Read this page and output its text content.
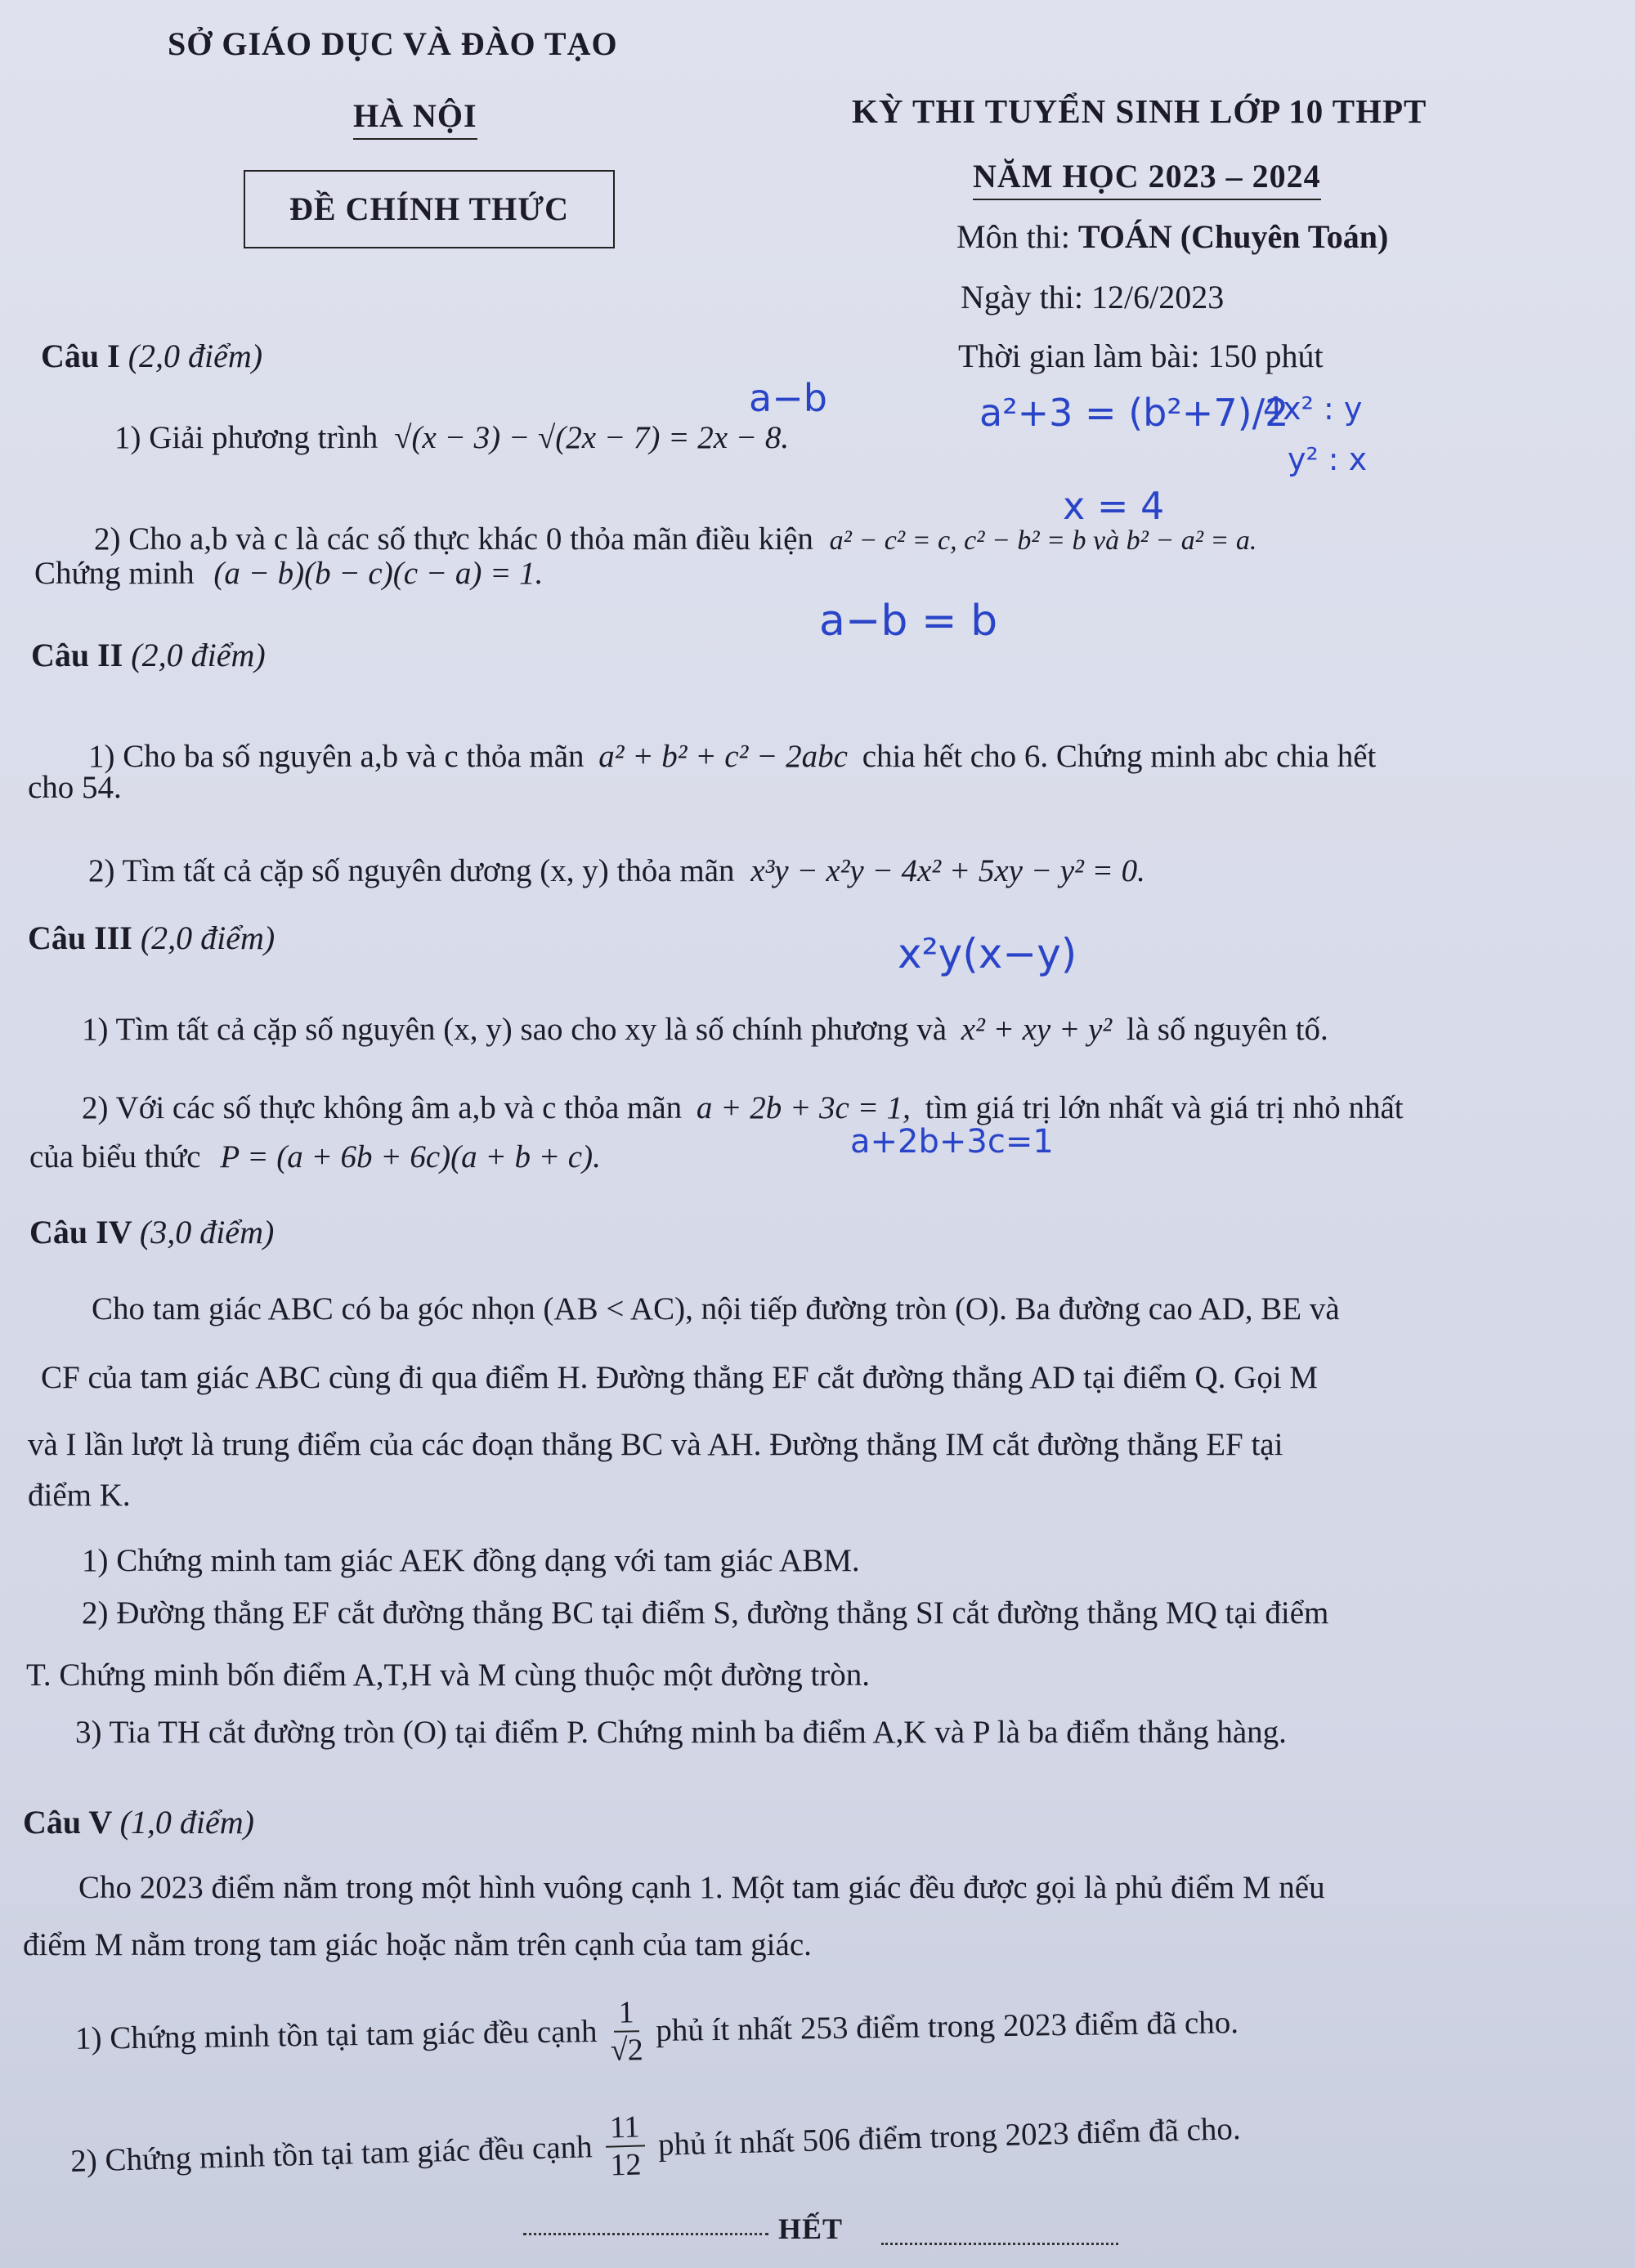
SỞ GIÁO DỤC VÀ ĐÀO TẠO
HÀ NỘI
ĐỀ CHÍNH THỨC
KỲ THI TUYỂN SINH LỚP 10 THPT
NĂM HỌC 2023 – 2024
Môn thi: TOÁN (Chuyên Toán)
Ngày thi: 12/6/2023
Thời gian làm bài: 150 phút
Câu I (2,0 điểm)
1) Giải phương trình √(x − 3) − √(2x − 7) = 2x − 8.
2) Cho a,b và c là các số thực khác 0 thỏa mãn điều kiện a² − c² = c, c² − b² = b và b² − a² = a.
Chứng minh (a − b)(b − c)(c − a) = 1.
Câu II (2,0 điểm)
1) Cho ba số nguyên a,b và c thỏa mãn a² + b² + c² − 2abc chia hết cho 6. Chứng minh abc chia hết
cho 54.
2) Tìm tất cả cặp số nguyên dương (x, y) thỏa mãn x³y − x²y − 4x² + 5xy − y² = 0.
Câu III (2,0 điểm)
1) Tìm tất cả cặp số nguyên (x, y) sao cho xy là số chính phương và x² + xy + y² là số nguyên tố.
2) Với các số thực không âm a,b và c thỏa mãn a + 2b + 3c = 1, tìm giá trị lớn nhất và giá trị nhỏ nhất
của biểu thức P = (a + 6b + 6c)(a + b + c).
Câu IV (3,0 điểm)
Cho tam giác ABC có ba góc nhọn (AB < AC), nội tiếp đường tròn (O). Ba đường cao AD, BE và
CF của tam giác ABC cùng đi qua điểm H. Đường thẳng EF cắt đường thẳng AD tại điểm Q. Gọi M
và I lần lượt là trung điểm của các đoạn thẳng BC và AH. Đường thẳng IM cắt đường thẳng EF tại
điểm K.
1) Chứng minh tam giác AEK đồng dạng với tam giác ABM.
2) Đường thẳng EF cắt đường thẳng BC tại điểm S, đường thẳng SI cắt đường thẳng MQ tại điểm
T. Chứng minh bốn điểm A,T,H và M cùng thuộc một đường tròn.
3) Tia TH cắt đường tròn (O) tại điểm P. Chứng minh ba điểm A,K và P là ba điểm thẳng hàng.
Câu V (1,0 điểm)
Cho 2023 điểm nằm trong một hình vuông cạnh 1. Một tam giác đều được gọi là phủ điểm M nếu
điểm M nằm trong tam giác hoặc nằm trên cạnh của tam giác.
1) Chứng minh tồn tại tam giác đều cạnh $\frac{1}{√2}$ phủ ít nhất 253 điểm trong 2023 điểm đã cho.
2) Chứng minh tồn tại tam giác đều cạnh $\frac{11}{12}$ phủ ít nhất 506 điểm trong 2023 điểm đã cho.
HẾT
a−b	a²+3 = (b²+7)/2
4x² : y
y² : x
x = 4
a−b = b
x²y(x−y)
a+2b+3c=1
